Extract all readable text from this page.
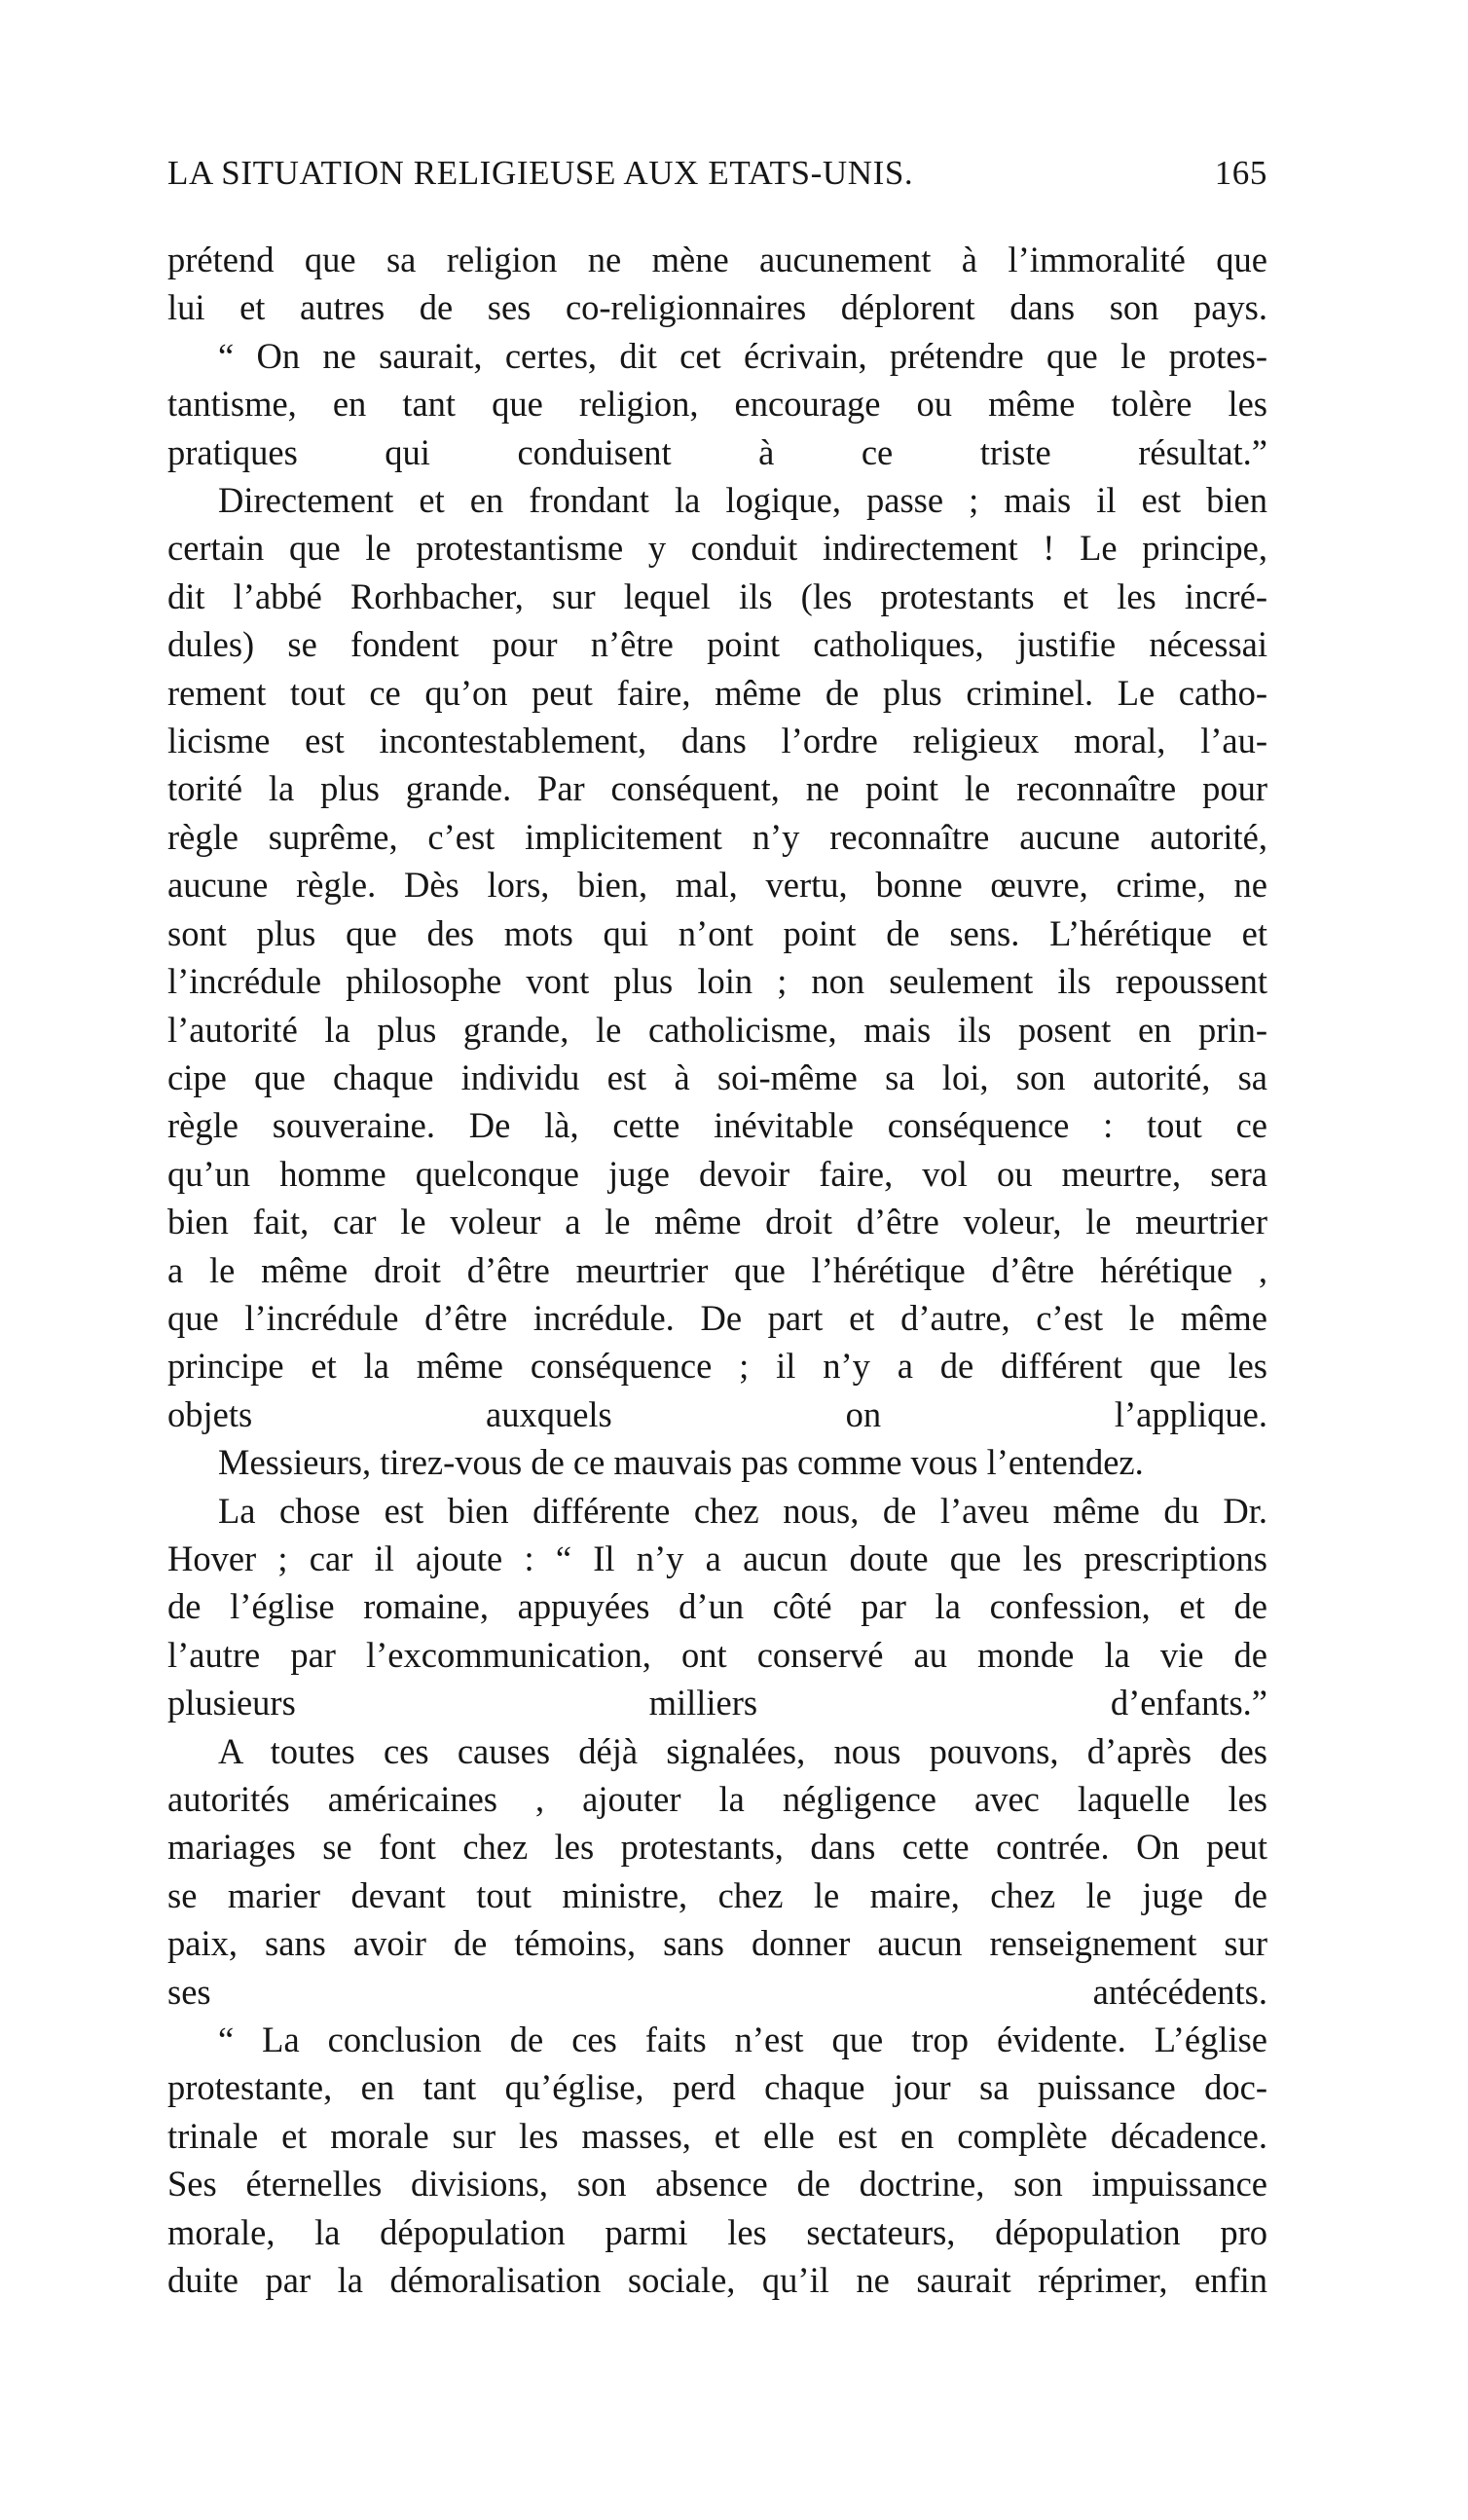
LA SITUATION RELIGIEUSE AUX ETATS-UNIS.	165

prétend que sa religion ne mène aucunement à l’immoralité que
lui et autres de ses co-religionnaires déplorent dans son pays.

“ On ne saurait, certes, dit cet écrivain, prétendre que le protes-
tantisme, en tant que religion, encourage ou même tolère les
pratiques qui conduisent à ce triste résultat.”

Directement et en frondant la logique, passe ; mais il est bien
certain que le protestantisme y conduit indirectement ! Le principe,
dit l’abbé Rorhbacher, sur lequel ils (les protestants et les incré-
dules) se fondent pour n’être point catholiques, justifie nécessai
rement tout ce qu’on peut faire, même de plus criminel. Le catho-
licisme est incontestablement, dans l’ordre religieux moral, l’au-
torité la plus grande. Par conséquent, ne point le reconnaître pour
règle suprême, c’est implicitement n’y reconnaître aucune autorité,
aucune règle. Dès lors, bien, mal, vertu, bonne œuvre, crime, ne
sont plus que des mots qui n’ont point de sens. L’hérétique et
l’incrédule philosophe vont plus loin ; non seulement ils repoussent
l’autorité la plus grande, le catholicisme, mais ils posent en prin-
cipe que chaque individu est à soi-même sa loi, son autorité, sa
règle souveraine. De là, cette inévitable conséquence : tout ce
qu’un homme quelconque juge devoir faire, vol ou meurtre, sera
bien fait, car le voleur a le même droit d’être voleur, le meurtrier
a le même droit d’être meurtrier que l’hérétique d’être hérétique ,
que l’incrédule d’être incrédule. De part et d’autre, c’est le même
principe et la même conséquence ; il n’y a de différent que les
objets auxquels on l’applique.

Messieurs, tirez-vous de ce mauvais pas comme vous l’entendez.

La chose est bien différente chez nous, de l’aveu même du Dr.
Hover ; car il ajoute : “ Il n’y a aucun doute que les prescriptions
de l’église romaine, appuyées d’un côté par la confession, et de
l’autre par l’excommunication, ont conservé au monde la vie de
plusieurs milliers d’enfants.”

A toutes ces causes déjà signalées, nous pouvons, d’après des
autorités américaines , ajouter la négligence avec laquelle les
mariages se font chez les protestants, dans cette contrée. On peut
se marier devant tout ministre, chez le maire, chez le juge de
paix, sans avoir de témoins, sans donner aucun renseignement sur
ses antécédents.

“ La conclusion de ces faits n’est que trop évidente. L’église
protestante, en tant qu’église, perd chaque jour sa puissance doc-
trinale et morale sur les masses, et elle est en complète décadence.
Ses éternelles divisions, son absence de doctrine, son impuissance
morale, la dépopulation parmi les sectateurs, dépopulation pro
duite par la démoralisation sociale, qu’il ne saurait réprimer, enfin
